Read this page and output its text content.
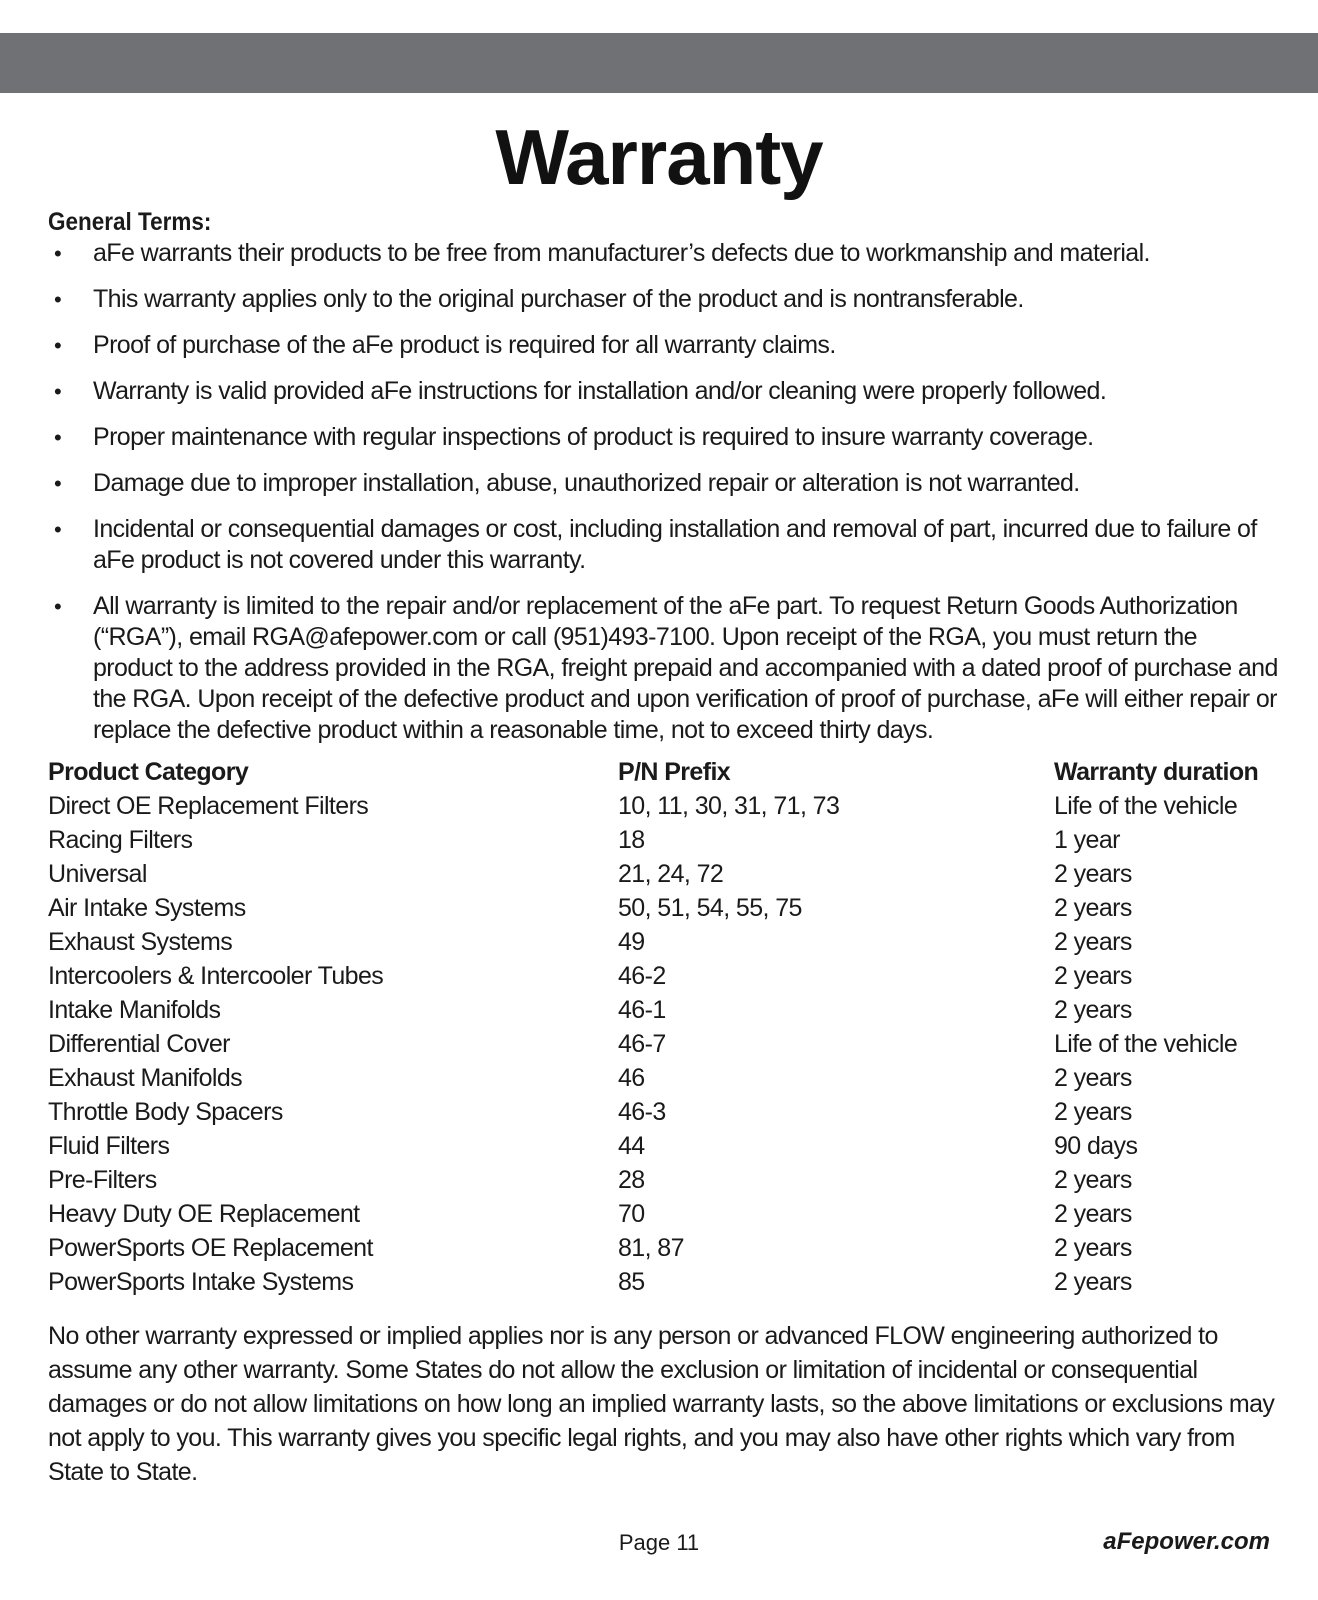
Warranty
General Terms:
• aFe warrants their products to be free from manufacturer’s defects due to workmanship and material.
• This warranty applies only to the original purchaser of the product and is nontransferable.
• Proof of purchase of the aFe product is required for all warranty claims.
• Warranty is valid provided aFe instructions for installation and/or cleaning were properly followed.
• Proper maintenance with regular inspections of product is required to insure warranty coverage.
• Damage due to improper installation, abuse, unauthorized repair or alteration is not warranted.
• Incidental or consequential damages or cost, including installation and removal of part, incurred due to failure of aFe product is not covered under this warranty.
• All warranty is limited to the repair and/or replacement of the aFe part. To request Return Goods Authorization (“RGA”), email RGA@afepower.com or call (951)493-7100. Upon receipt of the RGA, you must return the product to the address provided in the RGA, freight prepaid and accompanied with a dated proof of purchase and the RGA. Upon receipt of the defective product and upon verification of proof of purchase, aFe will either repair or replace the defective product within a reasonable time, not to exceed thirty days.
Product Category	P/N Prefix	Warranty duration
Direct OE Replacement Filters	10, 11, 30, 31, 71, 73	Life of the vehicle
Racing Filters	18	1 year
Universal	21, 24, 72	2 years
Air Intake Systems	50, 51, 54, 55, 75	2 years
Exhaust Systems	49	2 years
Intercoolers & Intercooler Tubes	46-2	2 years
Intake Manifolds	46-1	2 years
Differential Cover	46-7	Life of the vehicle
Exhaust Manifolds	46	2 years
Throttle Body Spacers	46-3	2 years
Fluid Filters	44	90 days
Pre-Filters	28	2 years
Heavy Duty OE Replacement	70	2 years
PowerSports OE Replacement	81, 87	2 years
PowerSports Intake Systems	85	2 years
No other warranty expressed or implied applies nor is any person or advanced FLOW engineering authorized to assume any other warranty. Some States do not allow the exclusion or limitation of incidental or consequential damages or do not allow limitations on how long an implied warranty lasts, so the above limitations or exclusions may not apply to you. This warranty gives you specific legal rights, and you may also have other rights which vary from State to State.
Page 11	aFepower.com
